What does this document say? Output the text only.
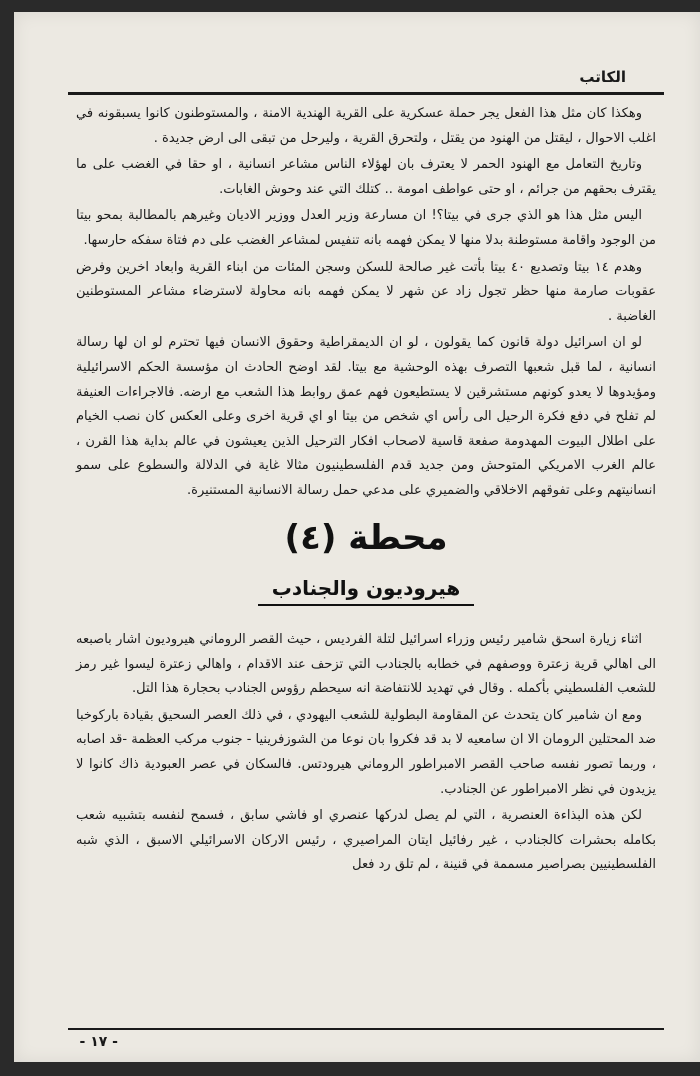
الكاتب

وهكذا كان مثل هذا الفعل يجر حملة عسكرية على القرية الهندية الامنة ، والمستوطنون كانوا يسبقونه في اغلب الاحوال ، ليقتل من الهنود من يقتل ، ولتحرق القرية ، وليرحل من تبقى الى ارض جديدة .

وتاريخ التعامل مع الهنود الحمر لا يعترف بان لهؤلاء الناس مشاعر انسانية ، او حقا في الغضب على ما يقترف بحقهم من جرائم ، او حتى عواطف امومة .. كتلك التي عند وحوش الغابات.

اليس مثل هذا هو الذي جرى في بيتا؟! ان مسارعة وزير العدل ووزير الاديان وغيرهم بالمطالبة بمحو بيتا من الوجود واقامة مستوطنة بدلا منها لا يمكن فهمه بانه تنفيس لمشاعر الغضب على دم فتاة سفكه حارسها.

وهدم ١٤ بيتا وتصديع ٤٠ بيتا بأتت غير صالحة للسكن وسجن المئات من ابناء القرية وابعاد اخرين وفرض عقوبات صارمة منها حظر تجول زاد عن شهر لا يمكن فهمه بانه محاولة لاسترضاء مشاعر المستوطنين الغاضبة .

لو ان اسرائيل دولة قانون كما يقولون ، لو ان الديمقراطية وحقوق الانسان فيها تحترم لو ان لها رسالة انسانية ، لما قبل شعبها التصرف بهذه الوحشية مع بيتا. لقد اوضح الحادث ان مؤسسة الحكم الاسرائيلية ومؤيدوها لا يعدو كونهم مستشرقين لا يستطيعون فهم عمق روابط هذا الشعب مع ارضه. فالاجراءات العنيفة لم تفلح في دفع فكرة الرحيل الى رأس اي شخص من بيتا او اي قرية اخرى وعلى العكس كان نصب الخيام على اطلال البيوت المهدومة صفعة قاسية لاصحاب افكار الترحيل الذين يعيشون في عالم بداية هذا القرن ، عالم الغرب الامريكي المتوحش ومن جديد قدم الفلسطينيون مثالا غاية في الدلالة والسطوع على سمو انسانيتهم وعلى تفوقهم الاخلاقي والضميري على مدعي حمل رسالة الانسانية المستنيرة.

محطة (٤)
هيروديون والجنادب

اثناء زيارة اسحق شامير رئيس وزراء اسرائيل لتلة الفرديس ، حيث القصر الروماني هيروديون اشار باصبعه الى اهالي قرية زعترة ووصفهم في خطابه بالجنادب التي تزحف عند الاقدام ، واهالي زعترة ليسوا غير رمز للشعب الفلسطيني بأكمله . وقال في تهديد للانتفاضة انه سيحطم رؤوس الجنادب بحجارة هذا التل.

ومع ان شامير كان يتحدث عن المقاومة البطولية للشعب اليهودي ، في ذلك العصر السحيق بقيادة باركوخبا ضد المحتلين الرومان الا ان سامعيه لا بد قد فكروا بان نوعا من الشوزفرينيا - جنوب مركب العظمة -قد اصابه ، وربما تصور نفسه صاحب القصر الامبراطور الروماني هيرودتس. فالسكان في عصر العبودية ذاك كانوا لا يزيدون في نظر الامبراطور عن الجنادب.

لكن هذه البذاءة العنصرية ، التي لم يصل لدركها عنصري او فاشي سابق ، فسمح لنفسه بتشبيه شعب بكامله بحشرات كالجنادب ، غير رفائيل ايتان المراصيري ، رئيس الاركان الاسرائيلي الاسبق ، الذي شبه الفلسطينيين بصراصير مسممة في قنينة ، لم تلق رد فعل

- ١٧ -
